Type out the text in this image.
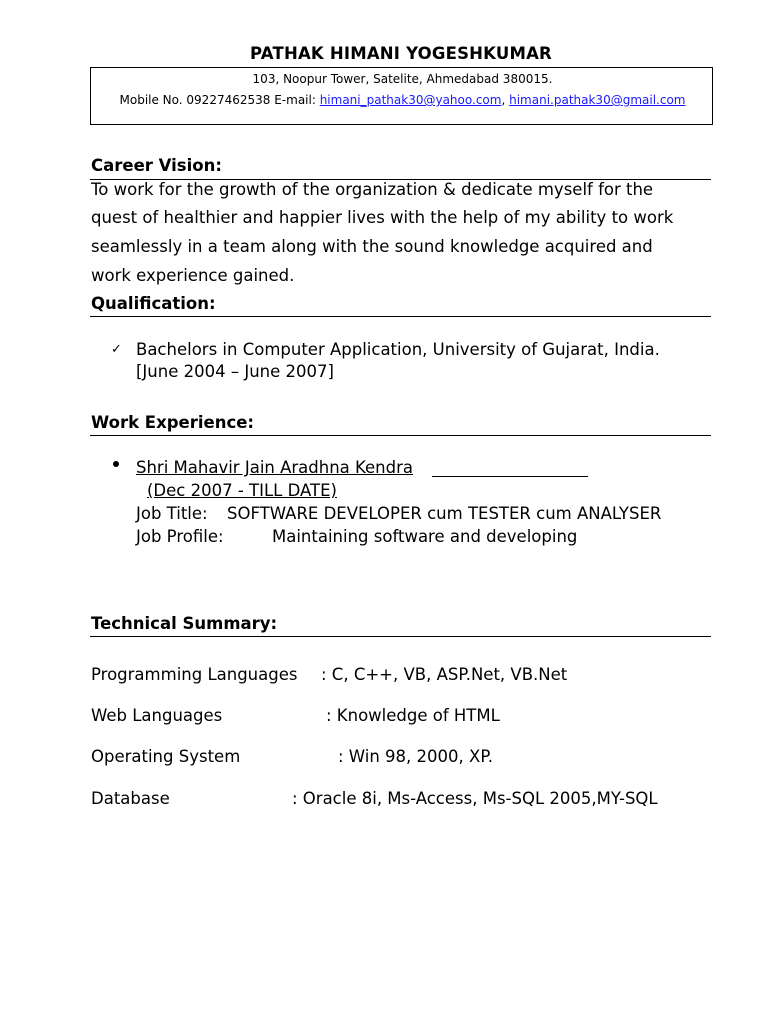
PATHAK HIMANI YOGESHKUMAR
103, Noopur Tower, Satelite, Ahmedabad 380015.
Mobile No. 09227462538 E-mail: himani_pathak30@yahoo.com, himani.pathak30@gmail.com
Career Vision:
To work for the growth of the organization & dedicate myself for the
quest of healthier and happier lives with the help of my ability to work
seamlessly in a team along with the sound knowledge acquired and
work experience gained.
Qualification:
✓ Bachelors in Computer Application, University of Gujarat, India.
[June 2004 – June 2007]
Work Experience:
Shri Mahavir Jain Aradhna Kendra
(Dec 2007 - TILL DATE)
Job Title: SOFTWARE DEVELOPER cum TESTER cum ANALYSER
Job Profile:	Maintaining software and developing
Technical Summary:
Programming Languages : C, C++, VB, ASP.Net, VB.Net
Web Languages	: Knowledge of HTML
Operating System	: Win 98, 2000, XP.
Database	: Oracle 8i, Ms-Access, Ms-SQL 2005,MY-SQL
